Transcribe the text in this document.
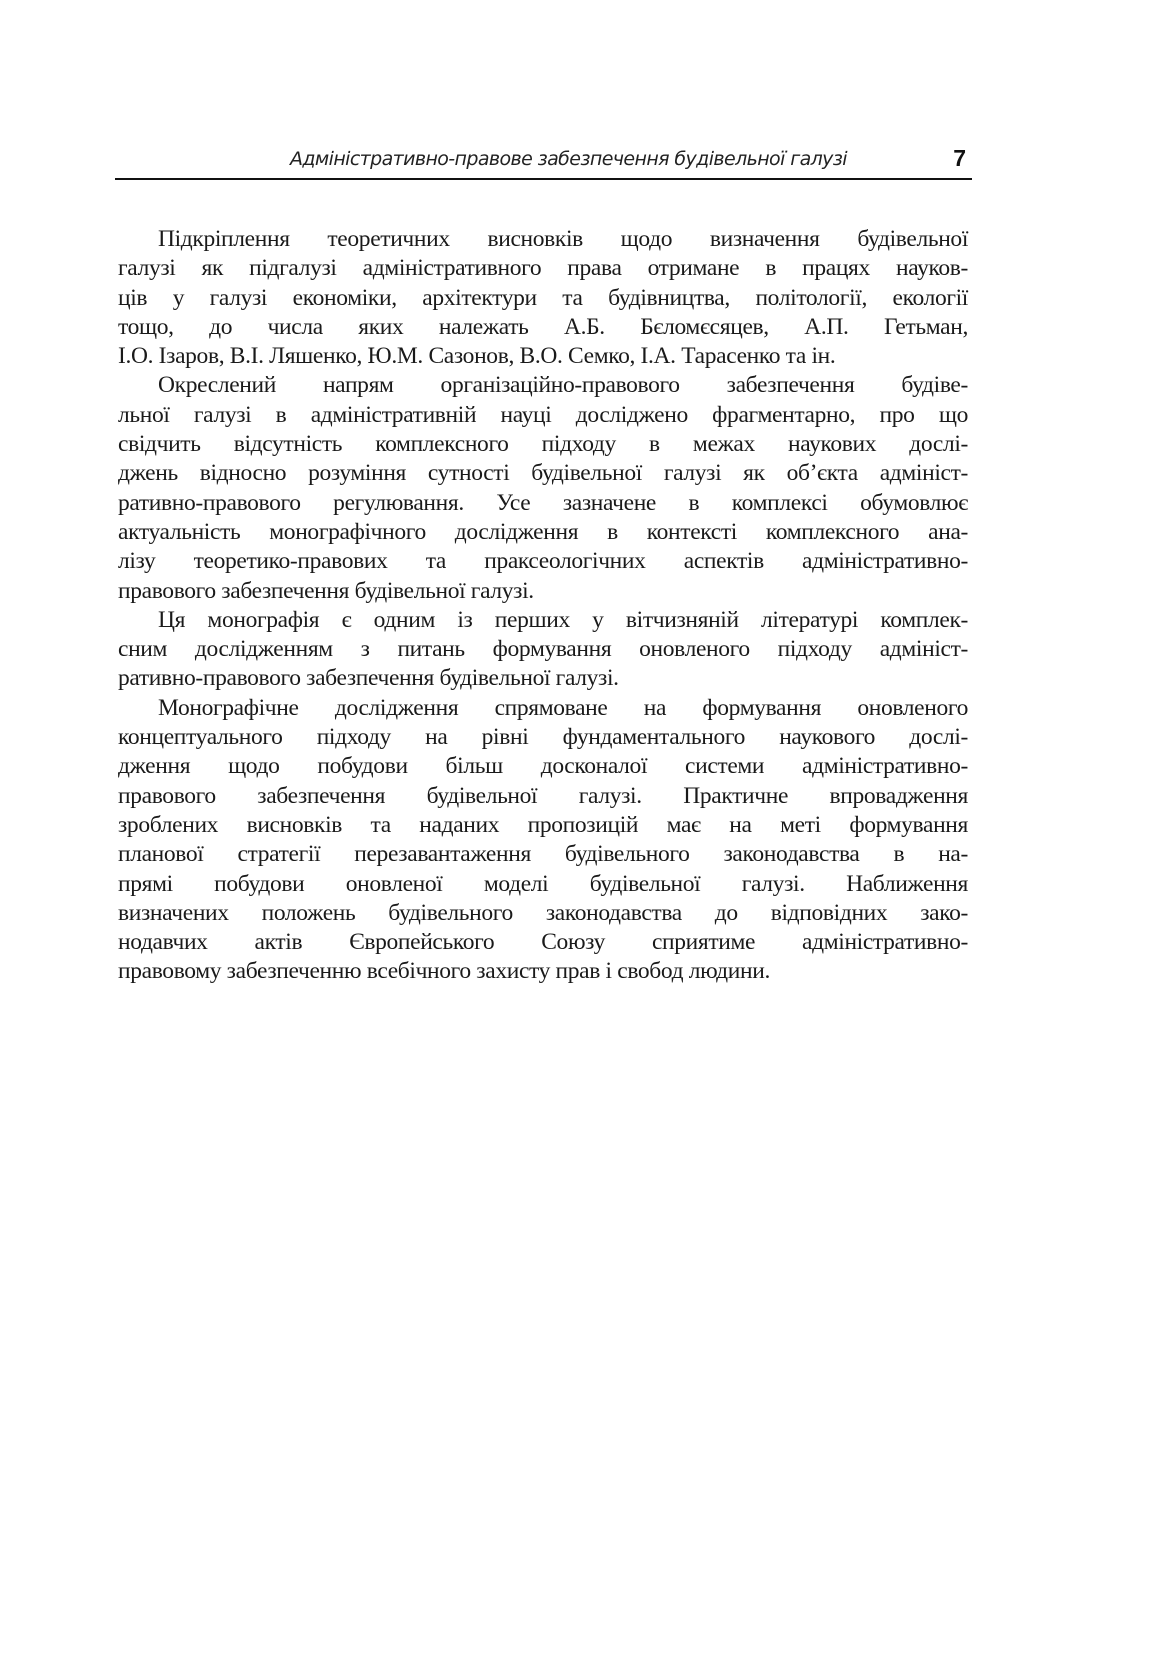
Адміністративно-правове забезпечення будівельної галузі	7
Підкріплення теоретичних висновків щодо визначення будівельної
галузі як підгалузі адміністративного права отримане в працях науков-
ців у галузі економіки, архітектури та будівництва, політології, екології
тощо, до числа яких належать А.Б. Бєломєсяцев, А.П. Гетьман,
І.О. Ізаров, В.І. Ляшенко, Ю.М. Сазонов, В.О. Семко, І.А. Тарасенко та ін.
Окреслений напрям організаційно-правового забезпечення будіве-
льної галузі в адміністративній науці досліджено фрагментарно, про що
свідчить відсутність комплексного підходу в межах наукових дослі-
джень відносно розуміння сутності будівельної галузі як об’єкта адмініст-
ративно-правового регулювання. Усе зазначене в комплексі обумовлює
актуальність монографічного дослідження в контексті комплексного ана-
лізу теоретико-правових та праксеологічних аспектів адміністративно-
правового забезпечення будівельної галузі.
Ця монографія є одним із перших у вітчизняній літературі комплек-
сним дослідженням з питань формування оновленого підходу адмініст-
ративно-правового забезпечення будівельної галузі.
Монографічне дослідження спрямоване на формування оновленого
концептуального підходу на рівні фундаментального наукового дослі-
дження щодо побудови більш досконалої системи адміністративно-
правового забезпечення будівельної галузі. Практичне впровадження
зроблених висновків та наданих пропозицій має на меті формування
планової стратегії перезавантаження будівельного законодавства в на-
прямі побудови оновленої моделі будівельної галузі. Наближення
визначених положень будівельного законодавства до відповідних зако-
нодавчих актів Європейського Союзу сприятиме адміністративно-
правовому забезпеченню всебічного захисту прав і свобод людини.
